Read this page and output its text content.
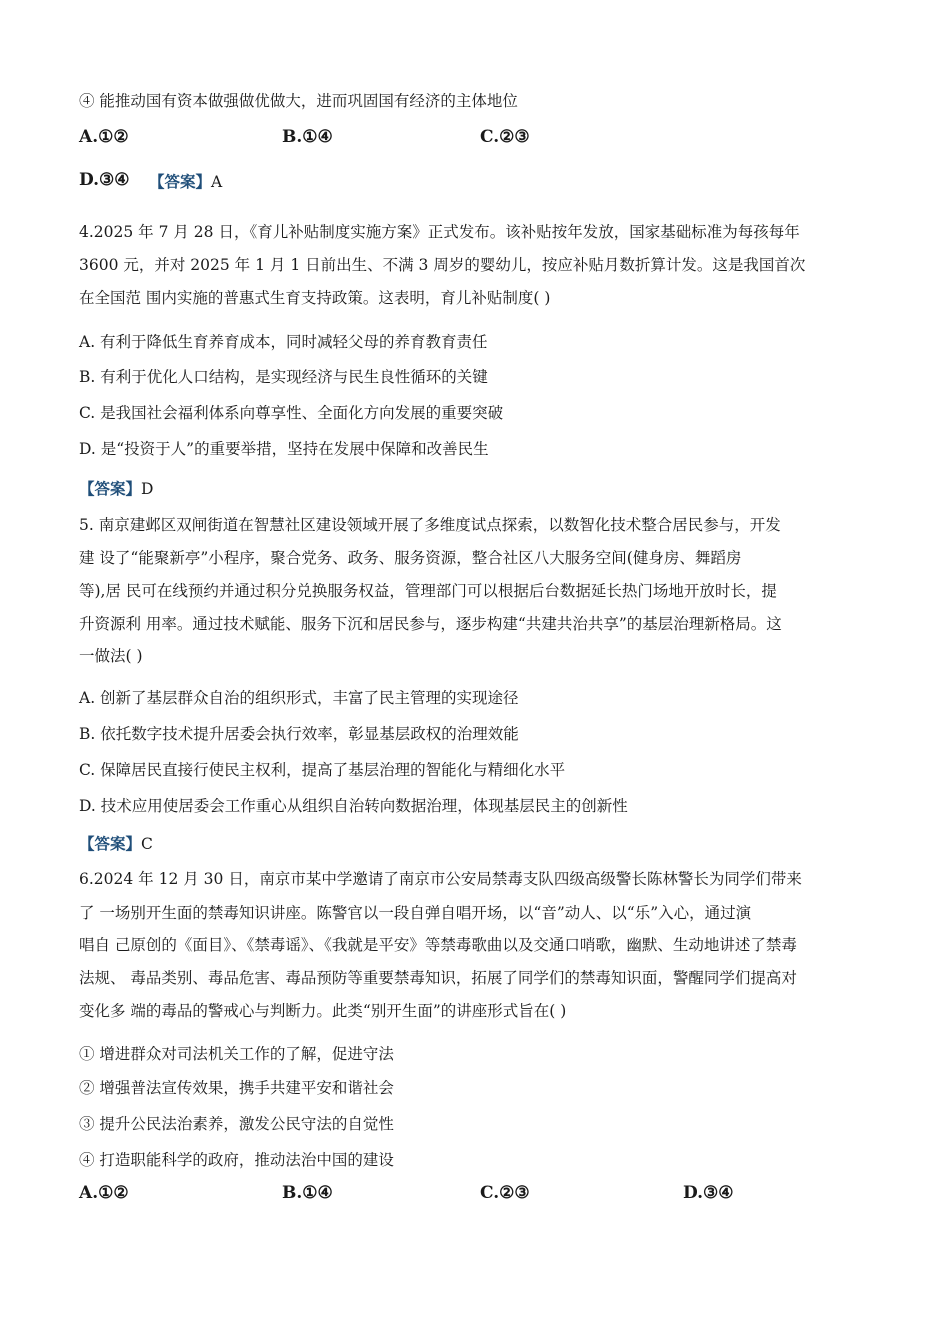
④ 能推动国有资本做强做优做大，进而巩固国有经济的主体地位
A.①②	B.①④	C.②③
D.③④ 【答案】A
4.2025 年 7 月 28 日，《育儿补贴制度实施方案》正式发布。该补贴按年发放，国家基础标准为每孩每年
3600 元，并对 2025 年 1 月 1 日前出生、不满 3 周岁的婴幼儿，按应补贴月数折算计发。这是我国首次
在全国范 围内实施的普惠式生育支持政策。这表明，育儿补贴制度( )
A. 有利于降低生育养育成本，同时减轻父母的养育教育责任
B. 有利于优化人口结构，是实现经济与民生良性循环的关键
C. 是我国社会福利体系向尊享性、全面化方向发展的重要突破
D. 是“投资于人”的重要举措，坚持在发展中保障和改善民生
【答案】D
5. 南京建邺区双闸街道在智慧社区建设领域开展了多维度试点探索，以数智化技术整合居民参与，开发
建 设了“能聚新亭”小程序，聚合党务、政务、服务资源，整合社区八大服务空间(健身房、舞蹈房
等),居 民可在线预约并通过积分兑换服务权益，管理部门可以根据后台数据延长热门场地开放时长，提
升资源利 用率。通过技术赋能、服务下沉和居民参与，逐步构建“共建共治共享”的基层治理新格局。这
一做法( )
A. 创新了基层群众自治的组织形式，丰富了民主管理的实现途径
B. 依托数字技术提升居委会执行效率，彰显基层政权的治理效能
C. 保障居民直接行使民主权利，提高了基层治理的智能化与精细化水平
D. 技术应用使居委会工作重心从组织自治转向数据治理，体现基层民主的创新性
【答案】C
6.2024 年 12 月 30 日，南京市某中学邀请了南京市公安局禁毒支队四级高级警长陈林警长为同学们带来
了 一场别开生面的禁毒知识讲座。陈警官以一段自弹自唱开场，以“音”动人、以“乐”入心，通过演
唱自 己原创的《面目》、《禁毒谣》、《我就是平安》等禁毒歌曲以及交通口哨歌，幽默、生动地讲述了禁毒
法规、 毒品类别、毒品危害、毒品预防等重要禁毒知识，拓展了同学们的禁毒知识面，警醒同学们提高对
变化多 端的毒品的警戒心与判断力。此类“别开生面”的讲座形式旨在( )
① 增进群众对司法机关工作的了解，促进守法
② 增强普法宣传效果，携手共建平安和谐社会
③ 提升公民法治素养，激发公民守法的自觉性
④ 打造职能科学的政府，推动法治中国的建设
A.①②	B.①④	C.②③	D.③④
